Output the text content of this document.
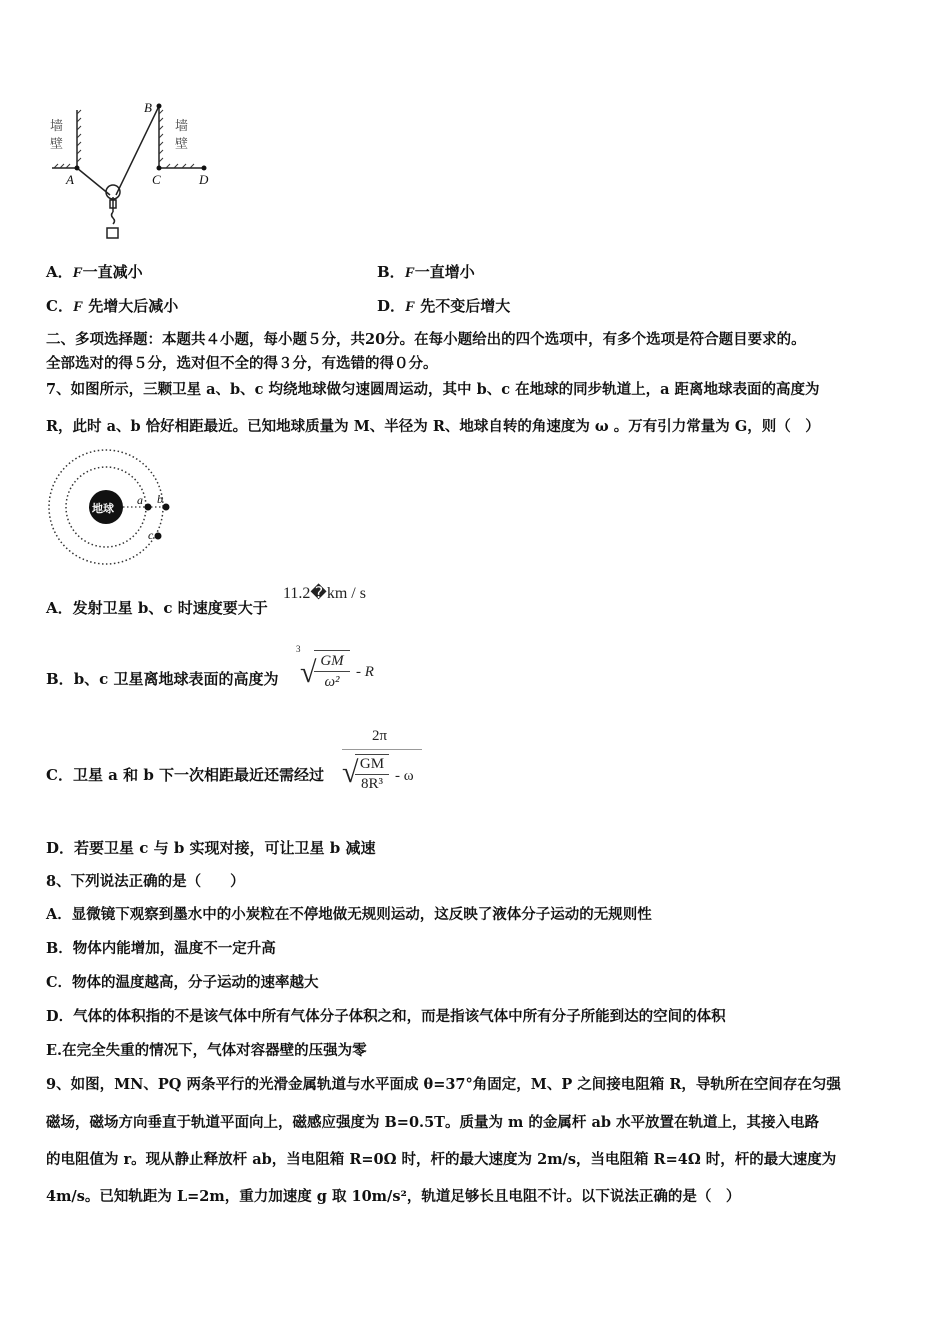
墙壁
墙壁
A
B
C	D
A．F一直减小	B．F一直增小
C．F 先增大后减小	D．F 先不变后增大
二、多项选择题：本题共４小题，每小题５分，共20分。在每小题给出的四个选项中，有多个选项是符合题目要求的。
全部选对的得５分，选对但不全的得３分，有选错的得０分。
7、如图所示，三颗卫星 a、b、c 均绕地球做匀速圆周运动，其中 b、c 在地球的同步轨道上，a 距离地球表面的高度为
R，此时 a、b 恰好相距最近。已知地球质量为 M、半径为 R、地球自转的角速度为 ω 。万有引力常量为 G，则（　）
地球
a b
c
A．发射卫星 b、c 时速度要大于
11.2�km / s
B．b、c 卫星离地球表面的高度为
3
√ GM
ω²
- R
C．卫星 a 和 b 下一次相距最近还需经过
2π
√ GM
8R³ - ω
D．若要卫星 c 与 b 实现对接，可让卫星 b 减速
8、下列说法正确的是（　　）
A．显微镜下观察到墨水中的小炭粒在不停地做无规则运动，这反映了液体分子运动的无规则性
B．物体内能增加，温度不一定升高
C．物体的温度越高，分子运动的速率越大
D．气体的体积指的不是该气体中所有气体分子体积之和，而是指该气体中所有分子所能到达的空间的体积
E.在完全失重的情况下，气体对容器壁的压强为零
9、如图，MN、PQ 两条平行的光滑金属轨道与水平面成 θ=37°角固定，M、P 之间接电阻箱 R，导轨所在空间存在匀强
磁场，磁场方向垂直于轨道平面向上，磁感应强度为 B=0.5T。质量为 m 的金属杆 ab 水平放置在轨道上，其接入电路
的电阻值为 r。现从静止释放杆 ab，当电阻箱 R=0Ω 时，杆的最大速度为 2m/s，当电阻箱 R=4Ω 时，杆的最大速度为
4m/s。已知轨距为 L=2m，重力加速度 g 取 10m/s²，轨道足够长且电阻不计。以下说法正确的是（　）
